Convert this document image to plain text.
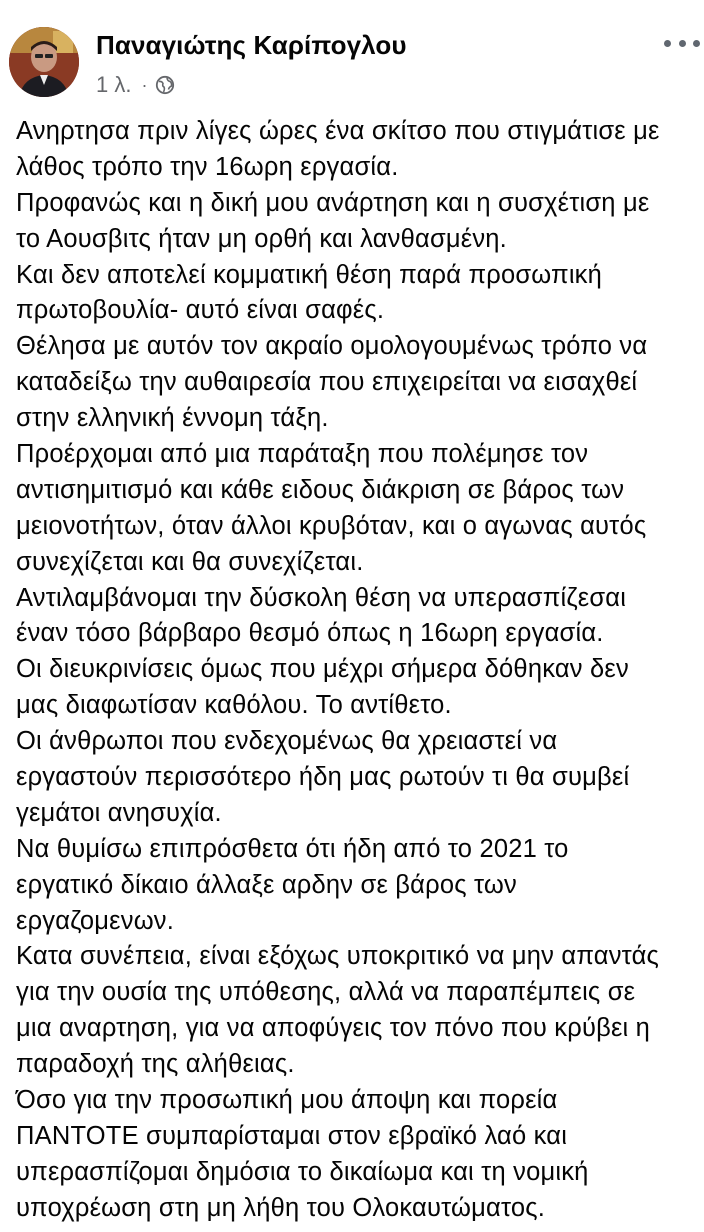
Παναγιώτης Καρίπογλου
1 λ. ·
Ανηρτησα πριν λίγες ώρες ένα σκίτσο που στιγμάτισε με
λάθος τρόπο την 16ωρη εργασία.
Προφανώς και η δική μου ανάρτηση και η συσχέτιση με
το Αουσβιτς ήταν μη ορθή και λανθασμένη.
Και δεν αποτελεί κομματική θέση παρά προσωπική
πρωτοβουλία- αυτό είναι σαφές.
Θέλησα με αυτόν τον ακραίο ομολογουμένως τρόπο να
καταδείξω την αυθαιρεσία που επιχειρείται να εισαχθεί
στην ελληνική έννομη τάξη.
Προέρχομαι από μια παράταξη που πολέμησε τον
αντισημιτισμό και κάθε ειδους διάκριση σε βάρος των
μειονοτήτων, όταν άλλοι κρυβόταν, και ο αγωνας αυτός
συνεχίζεται και θα συνεχίζεται.
Αντιλαμβάνομαι την δύσκολη θέση να υπερασπίζεσαι
έναν τόσο βάρβαρο θεσμό όπως η 16ωρη εργασία.
Οι διευκρινίσεις όμως που μέχρι σήμερα δόθηκαν δεν
μας διαφωτίσαν καθόλου. Το αντίθετο.
Οι άνθρωποι που ενδεχομένως θα χρειαστεί να
εργαστούν περισσότερο ήδη μας ρωτούν τι θα συμβεί
γεμάτοι ανησυχία.
Να θυμίσω επιπρόσθετα ότι ήδη από το 2021 το
εργατικό δίκαιο άλλαξε αρδην σε βάρος των
εργαζομενων.
Κατα συνέπεια, είναι εξόχως υποκριτικό να μην απαντάς
για την ουσία της υπόθεσης, αλλά να παραπέμπεις σε
μια αναρτηση, για να αποφύγεις τον πόνο που κρύβει η
παραδοχή της αλήθειας.
Όσο για την προσωπική μου άποψη και πορεία
ΠΑΝΤΟΤΕ συμπαρίσταμαι στον εβραϊκό λαό και
υπερασπίζομαι δημόσια το δικαίωμα και τη νομική
υποχρέωση στη μη λήθη του Ολοκαυτώματος.
